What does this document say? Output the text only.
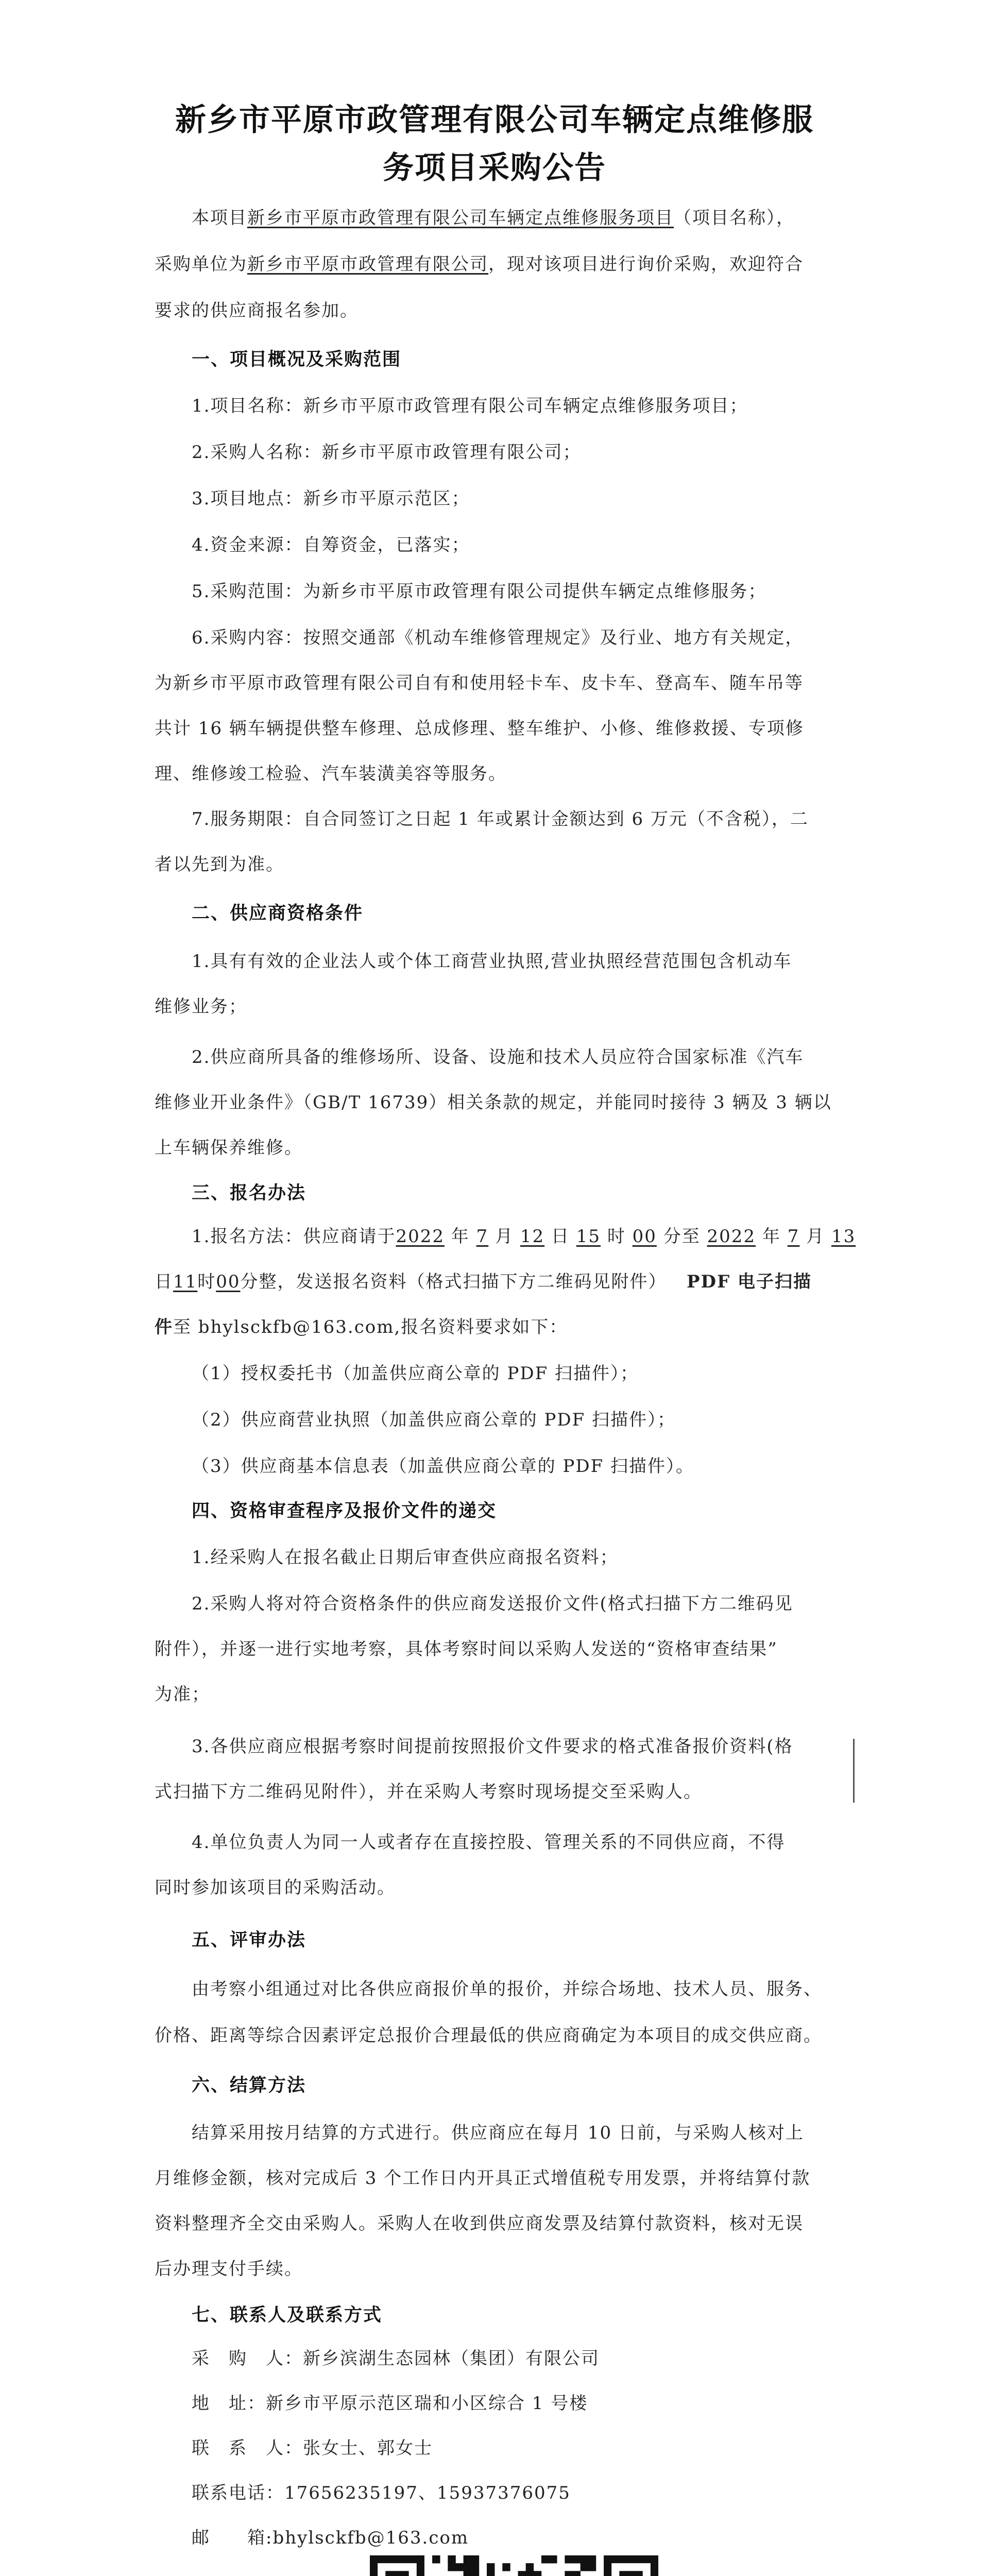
新乡市平原市政管理有限公司车辆定点维修服
务项目采购公告
本项目新乡市平原市政管理有限公司车辆定点维修服务项目（项目名称），
采购单位为新乡市平原市政管理有限公司，现对该项目进行询价采购，欢迎符合
要求的供应商报名参加。
一、项目概况及采购范围
1.项目名称：新乡市平原市政管理有限公司车辆定点维修服务项目；
2.采购人名称：新乡市平原市政管理有限公司；
3.项目地点：新乡市平原示范区；
4.资金来源：自筹资金，已落实；
5.采购范围：为新乡市平原市政管理有限公司提供车辆定点维修服务；
6.采购内容：按照交通部《机动车维修管理规定》及行业、地方有关规定，
为新乡市平原市政管理有限公司自有和使用轻卡车、皮卡车、登高车、随车吊等
共计 16 辆车辆提供整车修理、总成修理、整车维护、小修、维修救援、专项修
理、维修竣工检验、汽车装潢美容等服务。
7.服务期限：自合同签订之日起 1 年或累计金额达到 6 万元（不含税），二
者以先到为准。
二、供应商资格条件
1.具有有效的企业法人或个体工商营业执照,营业执照经营范围包含机动车
维修业务；
2.供应商所具备的维修场所、设备、设施和技术人员应符合国家标准《汽车
维修业开业条件》（GB/T 16739）相关条款的规定，并能同时接待 3 辆及 3 辆以
上车辆保养维修。
三、报名办法
1.报名方法：供应商请于2022 年 7 月 12 日 15 时 00 分至 2022 年 7 月 13
日11时00分整，发送报名资料（格式扫描下方二维码见附件） PDF 电子扫描
件至 bhylsckfb@163.com,报名资料要求如下：
（1）授权委托书（加盖供应商公章的 PDF 扫描件）；
（2）供应商营业执照（加盖供应商公章的 PDF 扫描件）；
（3）供应商基本信息表（加盖供应商公章的 PDF 扫描件）。
四、资格审查程序及报价文件的递交
1.经采购人在报名截止日期后审查供应商报名资料；
2.采购人将对符合资格条件的供应商发送报价文件(格式扫描下方二维码见
附件），并逐一进行实地考察，具体考察时间以采购人发送的“资格审查结果”
为准；
3.各供应商应根据考察时间提前按照报价文件要求的格式准备报价资料(格
式扫描下方二维码见附件），并在采购人考察时现场提交至采购人。
4.单位负责人为同一人或者存在直接控股、管理关系的不同供应商，不得
同时参加该项目的采购活动。
五、评审办法
由考察小组通过对比各供应商报价单的报价，并综合场地、技术人员、服务、
价格、距离等综合因素评定总报价合理最低的供应商确定为本项目的成交供应商。
六、结算方法
结算采用按月结算的方式进行。供应商应在每月 10 日前，与采购人核对上
月维修金额，核对完成后 3 个工作日内开具正式增值税专用发票，并将结算付款
资料整理齐全交由采购人。采购人在收到供应商发票及结算付款资料，核对无误
后办理支付手续。
七、联系人及联系方式
采　购　人：新乡滨湖生态园林（集团）有限公司
地　址：新乡市平原示范区瑞和小区综合 1 号楼
联　系　人：张女士、郭女士
联系电话：17656235197、15937376075
邮　　箱:bhylsckfb@163.com
